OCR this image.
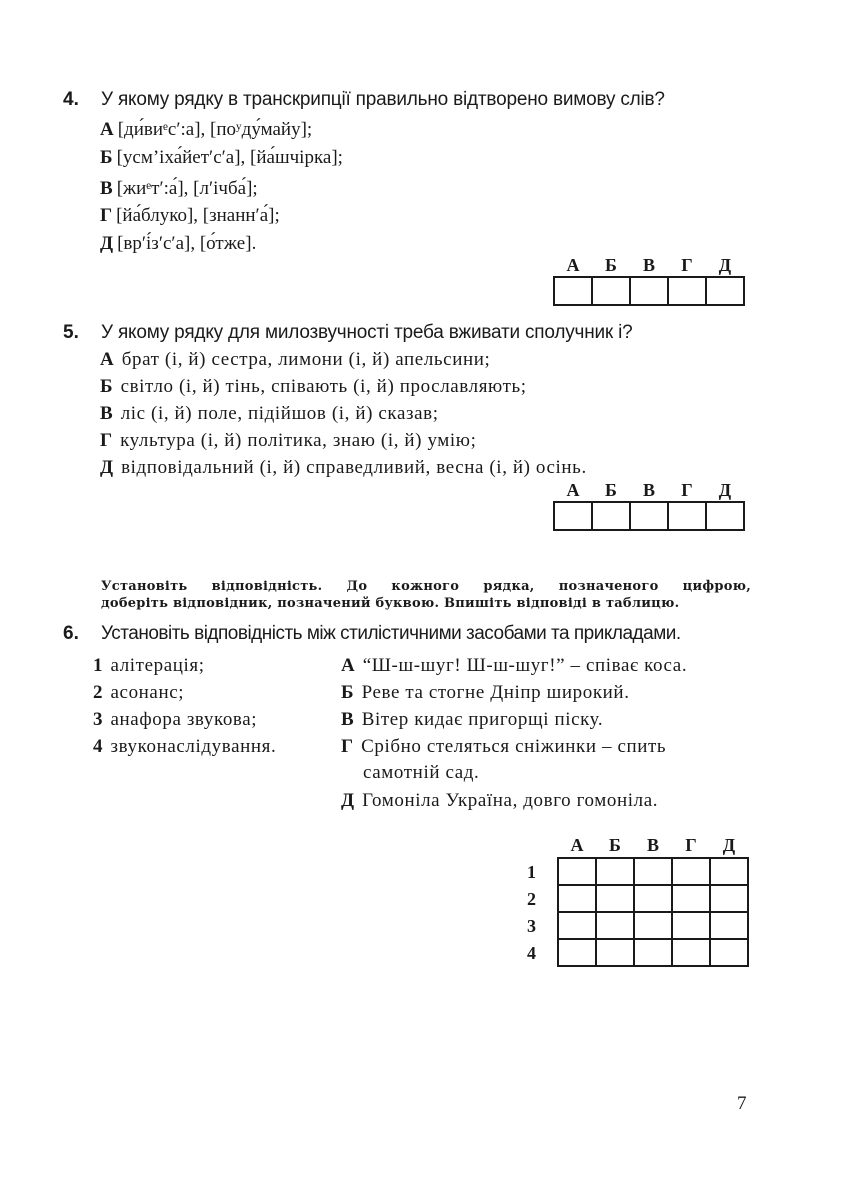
4. У якому рядку в транскрипції правильно відтворено вимову слів?
А [ди́виᵉс′:а], [поʸду́майу];
Б [усм’іха́йет′с′а], [йа́шчірка];
В [жиᵉт′:а́], [л′ічба́];
Г [йа́блуко], [знанн′а́];
Д [вр′і́з′с′а], [о́тже].
А	Б	В	Г	Д

5. У якому рядку для милозвучності треба вживати сполучник і?
А брат (і, й) сестра, лимони (і, й) апельсини;
Б світло (і, й) тінь, співають (і, й) прославляють;
В ліс (і, й) поле, підійшов (і, й) сказав;
Г культура (і, й) політика, знаю (і, й) умію;
Д відповідальний (і, й) справедливий, весна (і, й) осінь.
А	Б	В	Г	Д

Установіть відповідність. До кожного рядка, позначеного цифрою,
доберіть відповідник, позначений буквою. Впишіть відповіді в таблицю.
6. Установіть відповідність між стилістичними засобами та прикладами.
1 алітерація;
2 асонанс;
3 анафора звукова;
4 звуконаслідування.
А “Ш-ш-шуг! Ш-ш-шуг!” – співає коса.
Б Реве та стогне Дніпр широкий.
В Вітер кидає пригорщі піску.
Г Срібно стеляться сніжинки – спить
самотній сад.
Д Гомоніла Україна, довго гомоніла.
	А	Б	В	Г	Д
1					
2					
3					
4					
7
